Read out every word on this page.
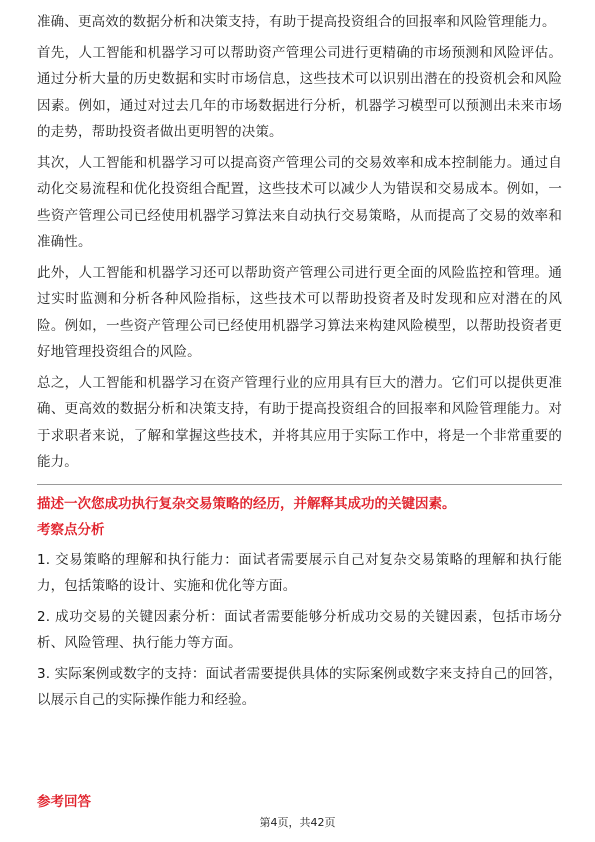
准确、更高效的数据分析和决策支持，有助于提高投资组合的回报率和风险管理能力。

首先，人工智能和机器学习可以帮助资产管理公司进行更精确的市场预测和风险评估。通过分析大量的历史数据和实时市场信息，这些技术可以识别出潜在的投资机会和风险因素。例如，通过对过去几年的市场数据进行分析，机器学习模型可以预测出未来市场的走势，帮助投资者做出更明智的决策。

其次，人工智能和机器学习可以提高资产管理公司的交易效率和成本控制能力。通过自动化交易流程和优化投资组合配置，这些技术可以减少人为错误和交易成本。例如，一些资产管理公司已经使用机器学习算法来自动执行交易策略，从而提高了交易的效率和准确性。

此外，人工智能和机器学习还可以帮助资产管理公司进行更全面的风险监控和管理。通过实时监测和分析各种风险指标，这些技术可以帮助投资者及时发现和应对潜在的风险。例如，一些资产管理公司已经使用机器学习算法来构建风险模型，以帮助投资者更好地管理投资组合的风险。

总之，人工智能和机器学习在资产管理行业的应用具有巨大的潜力。它们可以提供更准确、更高效的数据分析和决策支持，有助于提高投资组合的回报率和风险管理能力。对于求职者来说，了解和掌握这些技术，并将其应用于实际工作中，将是一个非常重要的能力。

描述一次您成功执行复杂交易策略的经历，并解释其成功的关键因素。

考察点分析

1. 交易策略的理解和执行能力：面试者需要展示自己对复杂交易策略的理解和执行能力，包括策略的设计、实施和优化等方面。

2. 成功交易的关键因素分析：面试者需要能够分析成功交易的关键因素，包括市场分析、风险管理、执行能力等方面。

3. 实际案例或数字的支持：面试者需要提供具体的实际案例或数字来支持自己的回答，以展示自己的实际操作能力和经验。

参考回答

第4页，共42页
